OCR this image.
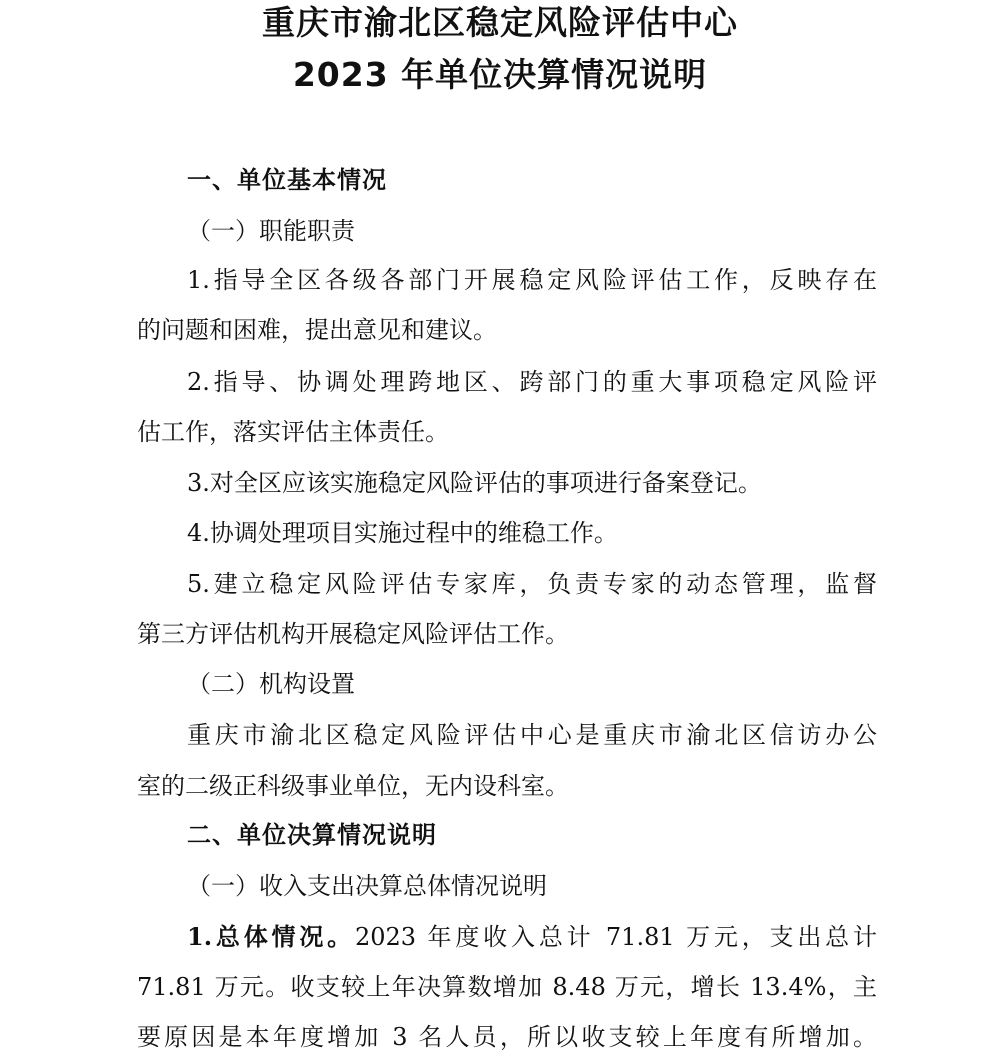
重庆市渝北区稳定风险评估中心
2023 年单位决算情况说明

一、单位基本情况

（一）职能职责

1.指导全区各级各部门开展稳定风险评估工作，反映存在

的问题和困难，提出意见和建议。

2.指导、协调处理跨地区、跨部门的重大事项稳定风险评

估工作，落实评估主体责任。

3.对全区应该实施稳定风险评估的事项进行备案登记。

4.协调处理项目实施过程中的维稳工作。

5.建立稳定风险评估专家库，负责专家的动态管理，监督

第三方评估机构开展稳定风险评估工作。

（二）机构设置

重庆市渝北区稳定风险评估中心是重庆市渝北区信访办公

室的二级正科级事业单位，无内设科室。

二、单位决算情况说明

（一）收入支出决算总体情况说明

1.总体情况。2023 年度收入总计 71.81 万元，支出总计

71.81 万元。收支较上年决算数增加 8.48 万元，增长 13.4%，主

要原因是本年度增加 3 名人员，所以收支较上年度有所增加。
